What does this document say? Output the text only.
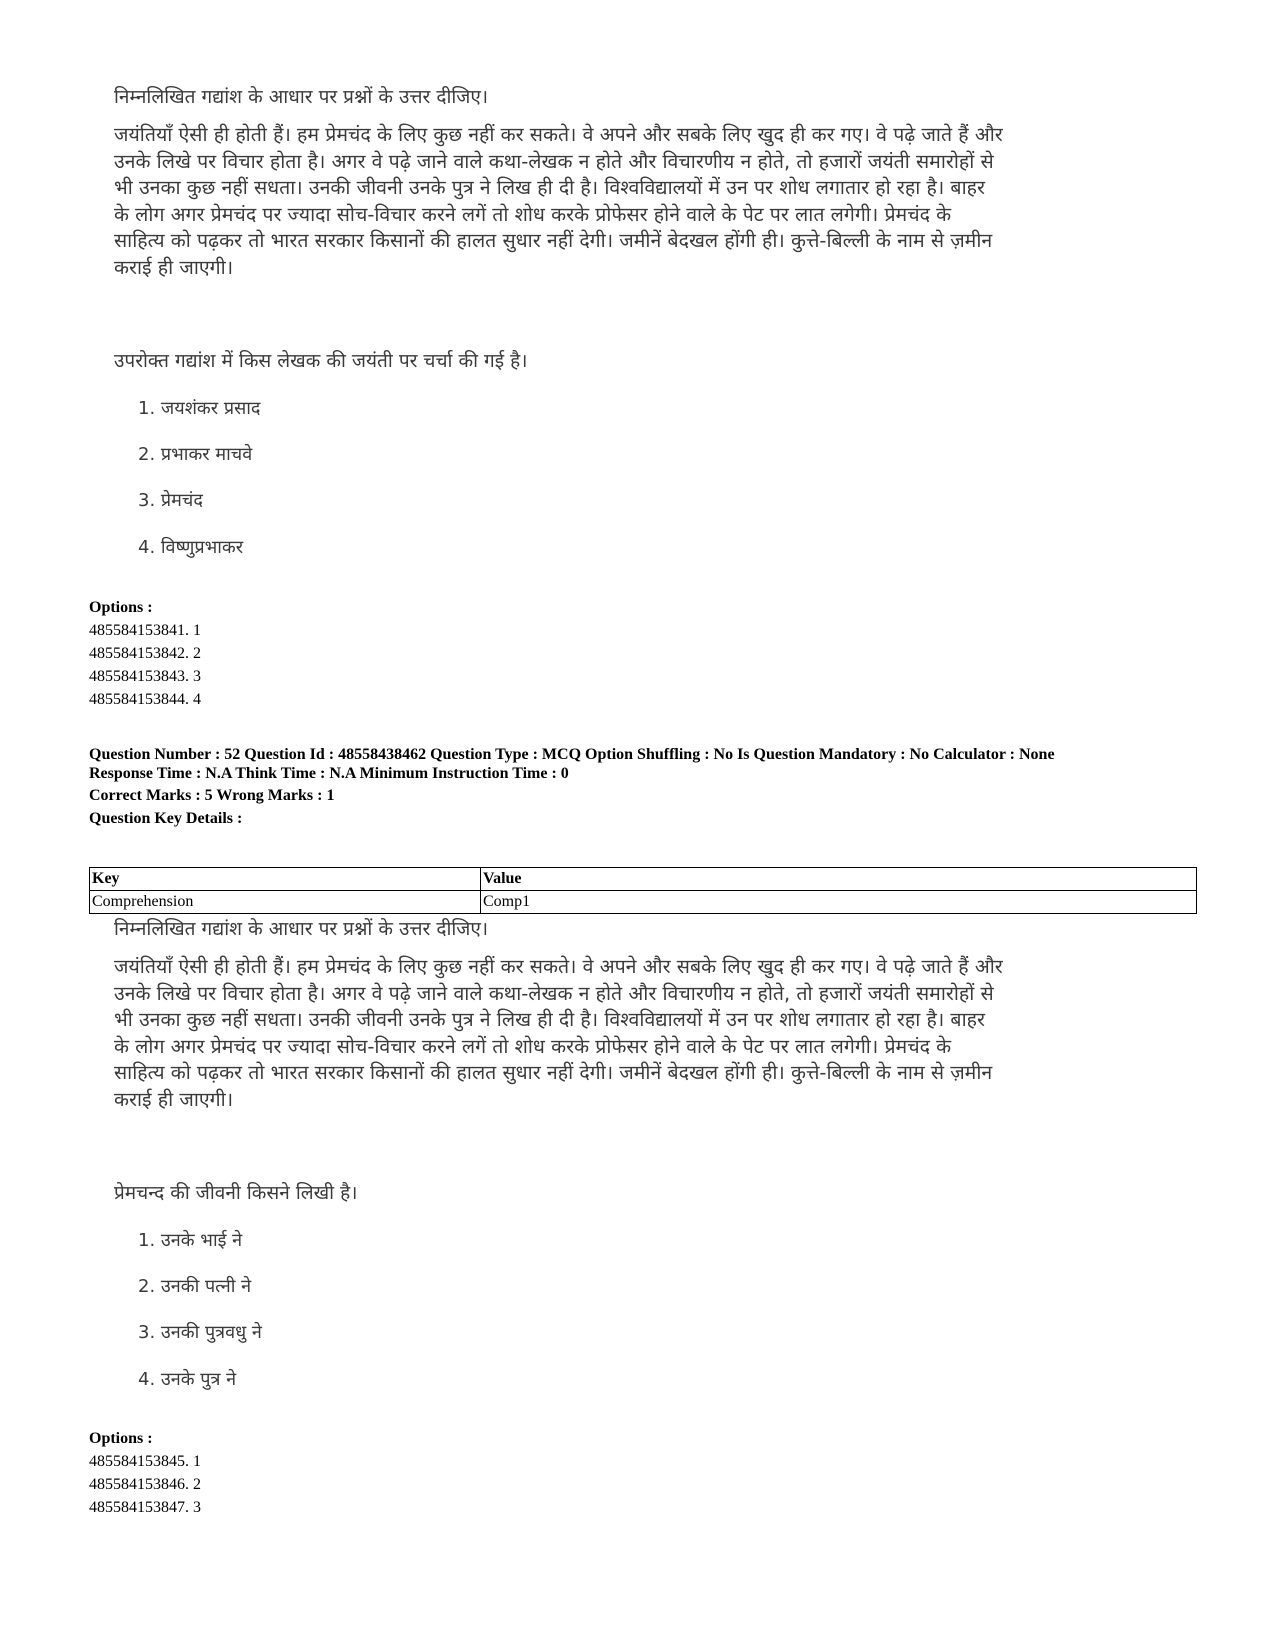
निम्नलिखित गद्यांश के आधार पर प्रश्नों के उत्तर दीजिए।

जयंतियाँ ऐसी ही होती हैं। हम प्रेमचंद के लिए कुछ नहीं कर सकते। वे अपने और सबके लिए खुद ही कर गए। वे पढ़े जाते हैं और उनके लिखे पर विचार होता है। अगर वे पढ़े जाने वाले कथा-लेखक न होते और विचारणीय न होते, तो हजारों जयंती समारोहों से भी उनका कुछ नहीं सधता। उनकी जीवनी उनके पुत्र ने लिख ही दी है। विश्वविद्यालयों में उन पर शोध लगातार हो रहा है। बाहर के लोग अगर प्रेमचंद पर ज्यादा सोच-विचार करने लगें तो शोध करके प्रोफेसर होने वाले के पेट पर लात लगेगी। प्रेमचंद के साहित्य को पढ़कर तो भारत सरकार किसानों की हालत सुधार नहीं देगी। जमीनें बेदखल होंगी ही। कुत्ते-बिल्ली के नाम से ज़मीन कराई ही जाएगी।

उपरोक्त गद्यांश में किस लेखक की जयंती पर चर्चा की गई है।

1. जयशंकर प्रसाद

2. प्रभाकर माचवे

3. प्रेमचंद

4. विष्णुप्रभाकर

Options :
485584153841. 1
485584153842. 2
485584153843. 3
485584153844. 4
Question Number : 52 Question Id : 48558438462 Question Type : MCQ Option Shuffling : No Is Question Mandatory : No Calculator : None
Response Time : N.A Think Time : N.A Minimum Instruction Time : 0
Correct Marks : 5 Wrong Marks : 1
Question Key Details :
Key	Value
Comprehension	Comp1

निम्नलिखित गद्यांश के आधार पर प्रश्नों के उत्तर दीजिए।

जयंतियाँ ऐसी ही होती हैं। हम प्रेमचंद के लिए कुछ नहीं कर सकते। वे अपने और सबके लिए खुद ही कर गए। वे पढ़े जाते हैं और उनके लिखे पर विचार होता है। अगर वे पढ़े जाने वाले कथा-लेखक न होते और विचारणीय न होते, तो हजारों जयंती समारोहों से भी उनका कुछ नहीं सधता। उनकी जीवनी उनके पुत्र ने लिख ही दी है। विश्वविद्यालयों में उन पर शोध लगातार हो रहा है। बाहर के लोग अगर प्रेमचंद पर ज्यादा सोच-विचार करने लगें तो शोध करके प्रोफेसर होने वाले के पेट पर लात लगेगी। प्रेमचंद के साहित्य को पढ़कर तो भारत सरकार किसानों की हालत सुधार नहीं देगी। जमीनें बेदखल होंगी ही। कुत्ते-बिल्ली के नाम से ज़मीन कराई ही जाएगी।

प्रेमचन्द की जीवनी किसने लिखी है।

1. उनके भाई ने

2. उनकी पत्नी ने

3. उनकी पुत्रवधु ने

4. उनके पुत्र ने

Options :
485584153845. 1
485584153846. 2
485584153847. 3
